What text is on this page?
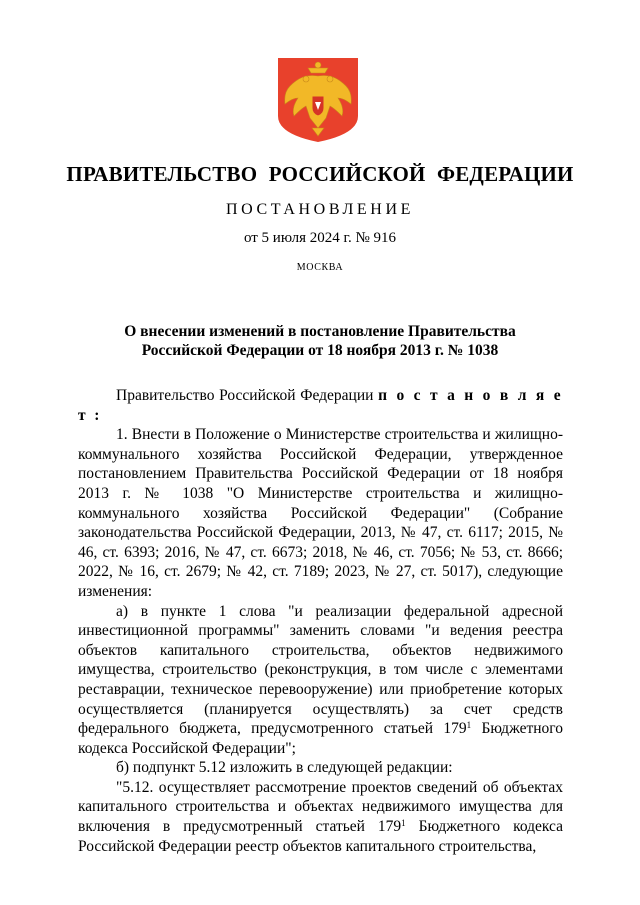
ПРАВИТЕЛЬСТВО РОССИЙСКОЙ ФЕДЕРАЦИИ
ПОСТАНОВЛЕНИЕ
от 5 июля 2024 г. № 916
МОСКВА
О внесении изменений в постановление Правительства
Российской Федерации от 18 ноября 2013 г. № 1038

Правительство Российской Федерации п о с т а н о в л я е т :

1. Внести в Положение о Министерстве строительства и жилищно-коммунального хозяйства Российской Федерации, утвержденное постановлением Правительства Российской Федерации от 18 ноября 2013 г. № 1038 "О Министерстве строительства и жилищно-коммунального хозяйства Российской Федерации" (Собрание законодательства Российской Федерации, 2013, № 47, ст. 6117; 2015, № 46, ст. 6393; 2016, № 47, ст. 6673; 2018, № 46, ст. 7056; № 53, ст. 8666; 2022, № 16, ст. 2679; № 42, ст. 7189; 2023, № 27, ст. 5017), следующие изменения:

а) в пункте 1 слова "и реализации федеральной адресной инвестиционной программы" заменить словами "и ведения реестра объектов капитального строительства, объектов недвижимого имущества, строительство (реконструкция, в том числе с элементами реставрации, техническое перевооружение) или приобретение которых осуществляется (планируется осуществлять) за счет средств федерального бюджета, предусмотренного статьей $179^1$ Бюджетного кодекса Российской Федерации";

б) подпункт 5.12 изложить в следующей редакции:

"5.12. осуществляет рассмотрение проектов сведений об объектах капитального строительства и объектах недвижимого имущества для включения в предусмотренный статьей $179^1$ Бюджетного кодекса Российской Федерации реестр объектов капитального строительства,
